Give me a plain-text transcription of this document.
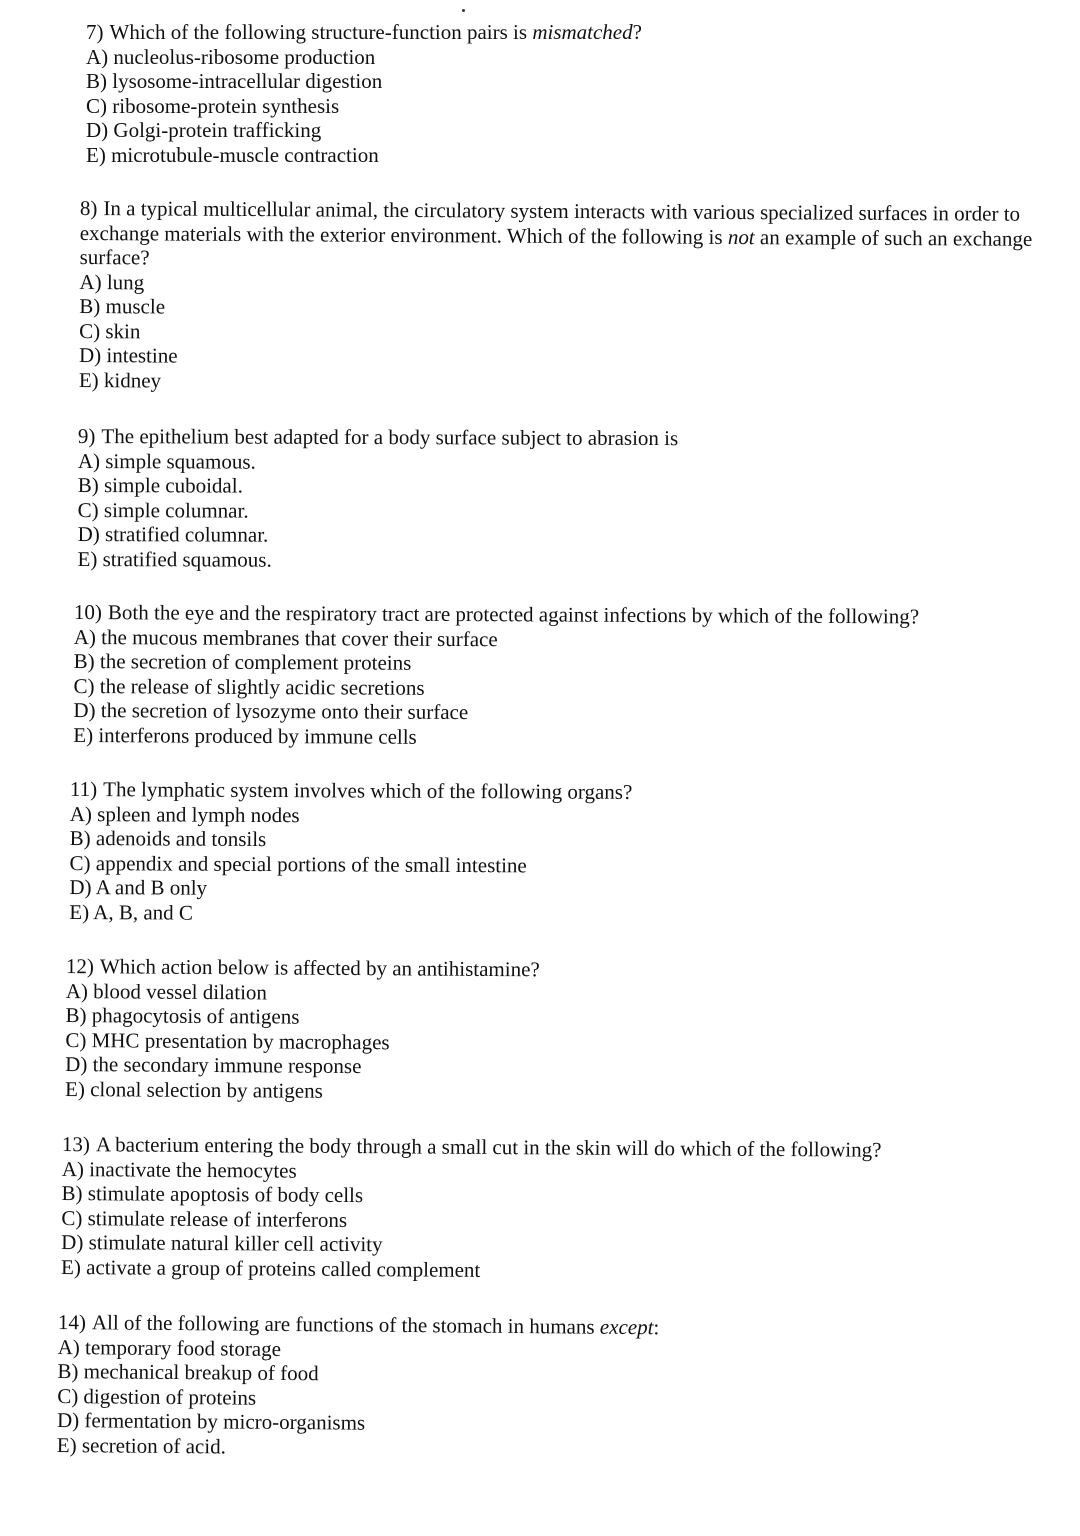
7) Which of the following structure-function pairs is mismatched?

A) nucleolus-ribosome production
B) lysosome-intracellular digestion
C) ribosome-protein synthesis
D) Golgi-protein trafficking
E) microtubule-muscle contraction

8) In a typical multicellular animal, the circulatory system interacts with various specialized surfaces in order to exchange materials with the exterior environment. Which of the following is not an example of such an exchange surface?

A) lung
B) muscle
C) skin
D) intestine
E) kidney

9) The epithelium best adapted for a body surface subject to abrasion is

A) simple squamous.
B) simple cuboidal.
C) simple columnar.
D) stratified columnar.
E) stratified squamous.

10) Both the eye and the respiratory tract are protected against infections by which of the following?

A) the mucous membranes that cover their surface
B) the secretion of complement proteins
C) the release of slightly acidic secretions
D) the secretion of lysozyme onto their surface
E) interferons produced by immune cells

11) The lymphatic system involves which of the following organs?

A) spleen and lymph nodes
B) adenoids and tonsils
C) appendix and special portions of the small intestine
D) A and B only
E) A, B, and C

12) Which action below is affected by an antihistamine?

A) blood vessel dilation
B) phagocytosis of antigens
C) MHC presentation by macrophages
D) the secondary immune response
E) clonal selection by antigens

13) A bacterium entering the body through a small cut in the skin will do which of the following?

A) inactivate the hemocytes
B) stimulate apoptosis of body cells
C) stimulate release of interferons
D) stimulate natural killer cell activity
E) activate a group of proteins called complement

14) All of the following are functions of the stomach in humans except:

A) temporary food storage
B) mechanical breakup of food
C) digestion of proteins
D) fermentation by micro-organisms
E) secretion of acid.
